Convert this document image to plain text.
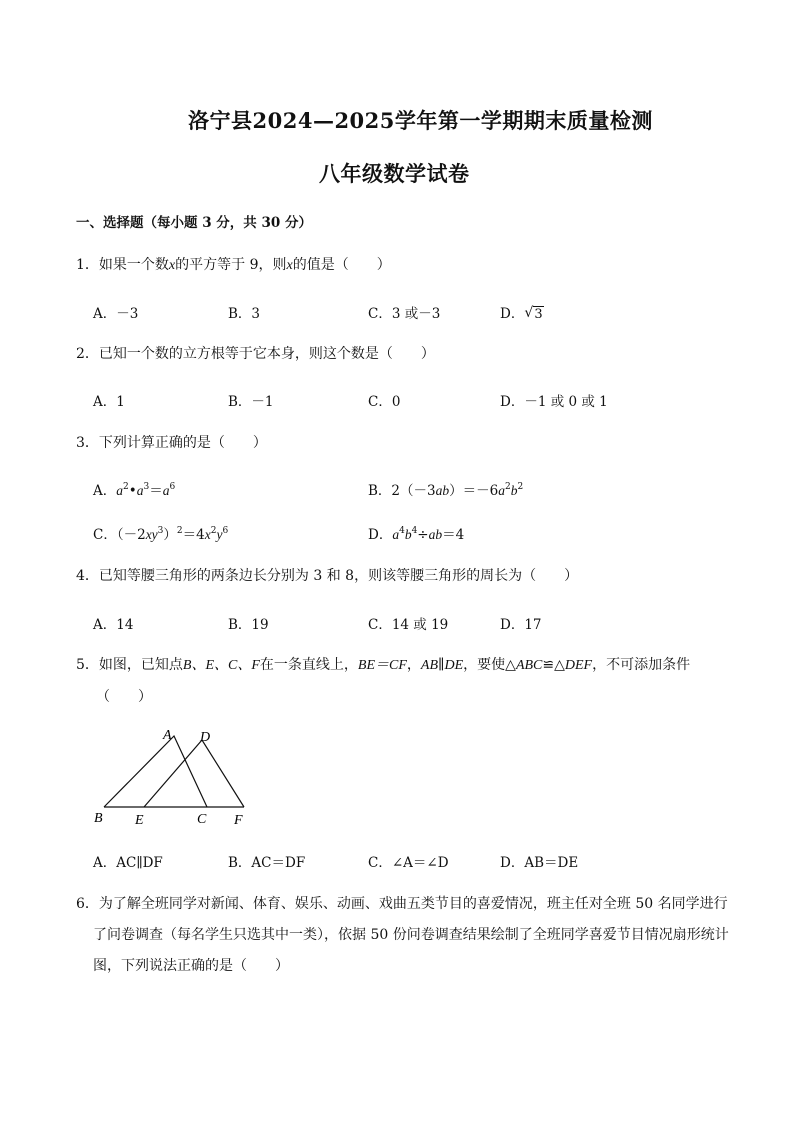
洛宁县2024—2025学年第一学期期末质量检测
八年级数学试卷
一、选择题（每小题 3 分，共 30 分）
1．如果一个数x的平方等于 9，则x的值是（　　）
A．－3	B．3	C．3 或－3	D．√ 3
2．已知一个数的立方根等于它本身，则这个数是（　　）
A．1	B．－1	C．0	D．－1 或 0 或 1
3．下列计算正确的是（　　）
A．$a^2•a^3=a^6$	B．$2(-3ab)=-6a^2b^2$
C．$(-2xy^3)^2=4x^2y^6$	D．$a^4b^4\div ab=4$
4．已知等腰三角形的两条边长分别为 3 和 8，则该等腰三角形的周长为（　　）
A．14	B．19	C．14 或 19	D．17
5．如图，已知点B、E、C、F在一条直线上，BE＝CF，AB∥DE，要使△ABC≌△DEF，不可添加条件
（　　）
A D
B E	C F
A．AC∥DF	B．AC＝DF	C．∠A＝∠D	D．AB＝DE
6．为了解全班同学对新闻、体育、娱乐、动画、戏曲五类节目的喜爱情况，班主任对全班 50 名同学进行
了问卷调查（每名学生只选其中一类），依据 50 份问卷调查结果绘制了全班同学喜爱节目情况扇形统计
图，下列说法正确的是（　　）
